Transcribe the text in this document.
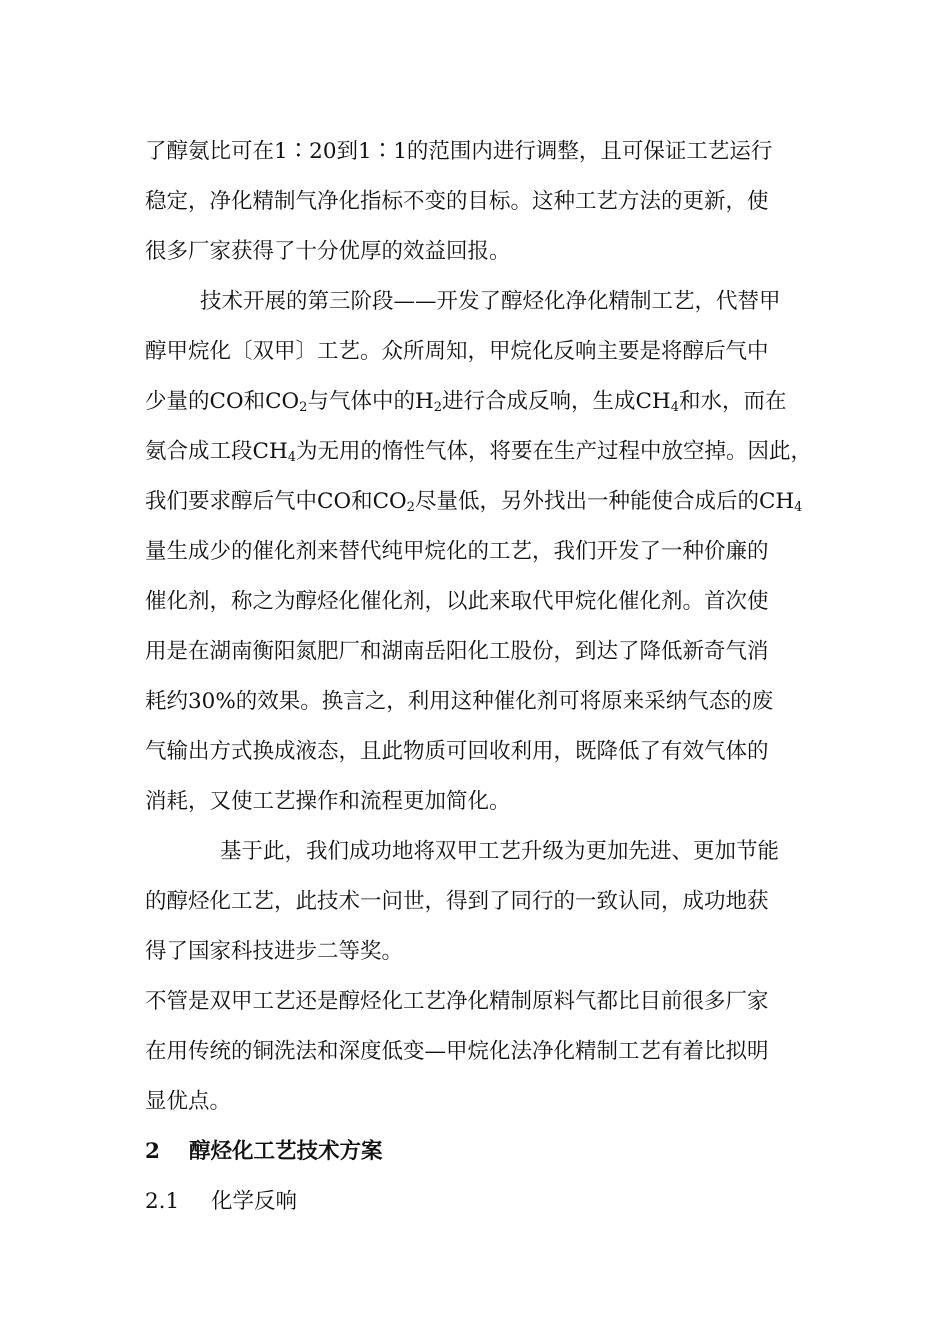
了醇氨比可在1∶20到1∶1的范围内进行调整，且可保证工艺运行
稳定，净化精制气净化指标不变的目标。这种工艺方法的更新，使
很多厂家获得了十分优厚的效益回报。
技术开展的第三阶段——开发了醇烃化净化精制工艺，代替甲
醇甲烷化〔双甲〕工艺。众所周知，甲烷化反响主要是将醇后气中
少量的CO和$CO_2$与气体中的$H_2$进行合成反响，生成$CH_4$和水，而在
氨合成工段$CH_4$为无用的惰性气体，将要在生产过程中放空掉。因此，
我们要求醇后气中CO和$CO_2$尽量低，另外找出一种能使合成后的$CH_4$
量生成少的催化剂来替代纯甲烷化的工艺，我们开发了一种价廉的
催化剂，称之为醇烃化催化剂，以此来取代甲烷化催化剂。首次使
用是在湖南衡阳氮肥厂和湖南岳阳化工股份，到达了降低新奇气消
耗约30%的效果。换言之，利用这种催化剂可将原来采纳气态的废
气输出方式换成液态，且此物质可回收利用，既降低了有效气体的
消耗，又使工艺操作和流程更加简化。
基于此，我们成功地将双甲工艺升级为更加先进、更加节能
的醇烃化工艺，此技术一问世，得到了同行的一致认同，成功地获
得了国家科技进步二等奖。
不管是双甲工艺还是醇烃化工艺净化精制原料气都比目前很多厂家
在用传统的铜洗法和深度低变—甲烷化法净化精制工艺有着比拟明
显优点。
2 醇烃化工艺技术方案
2.1 化学反响
